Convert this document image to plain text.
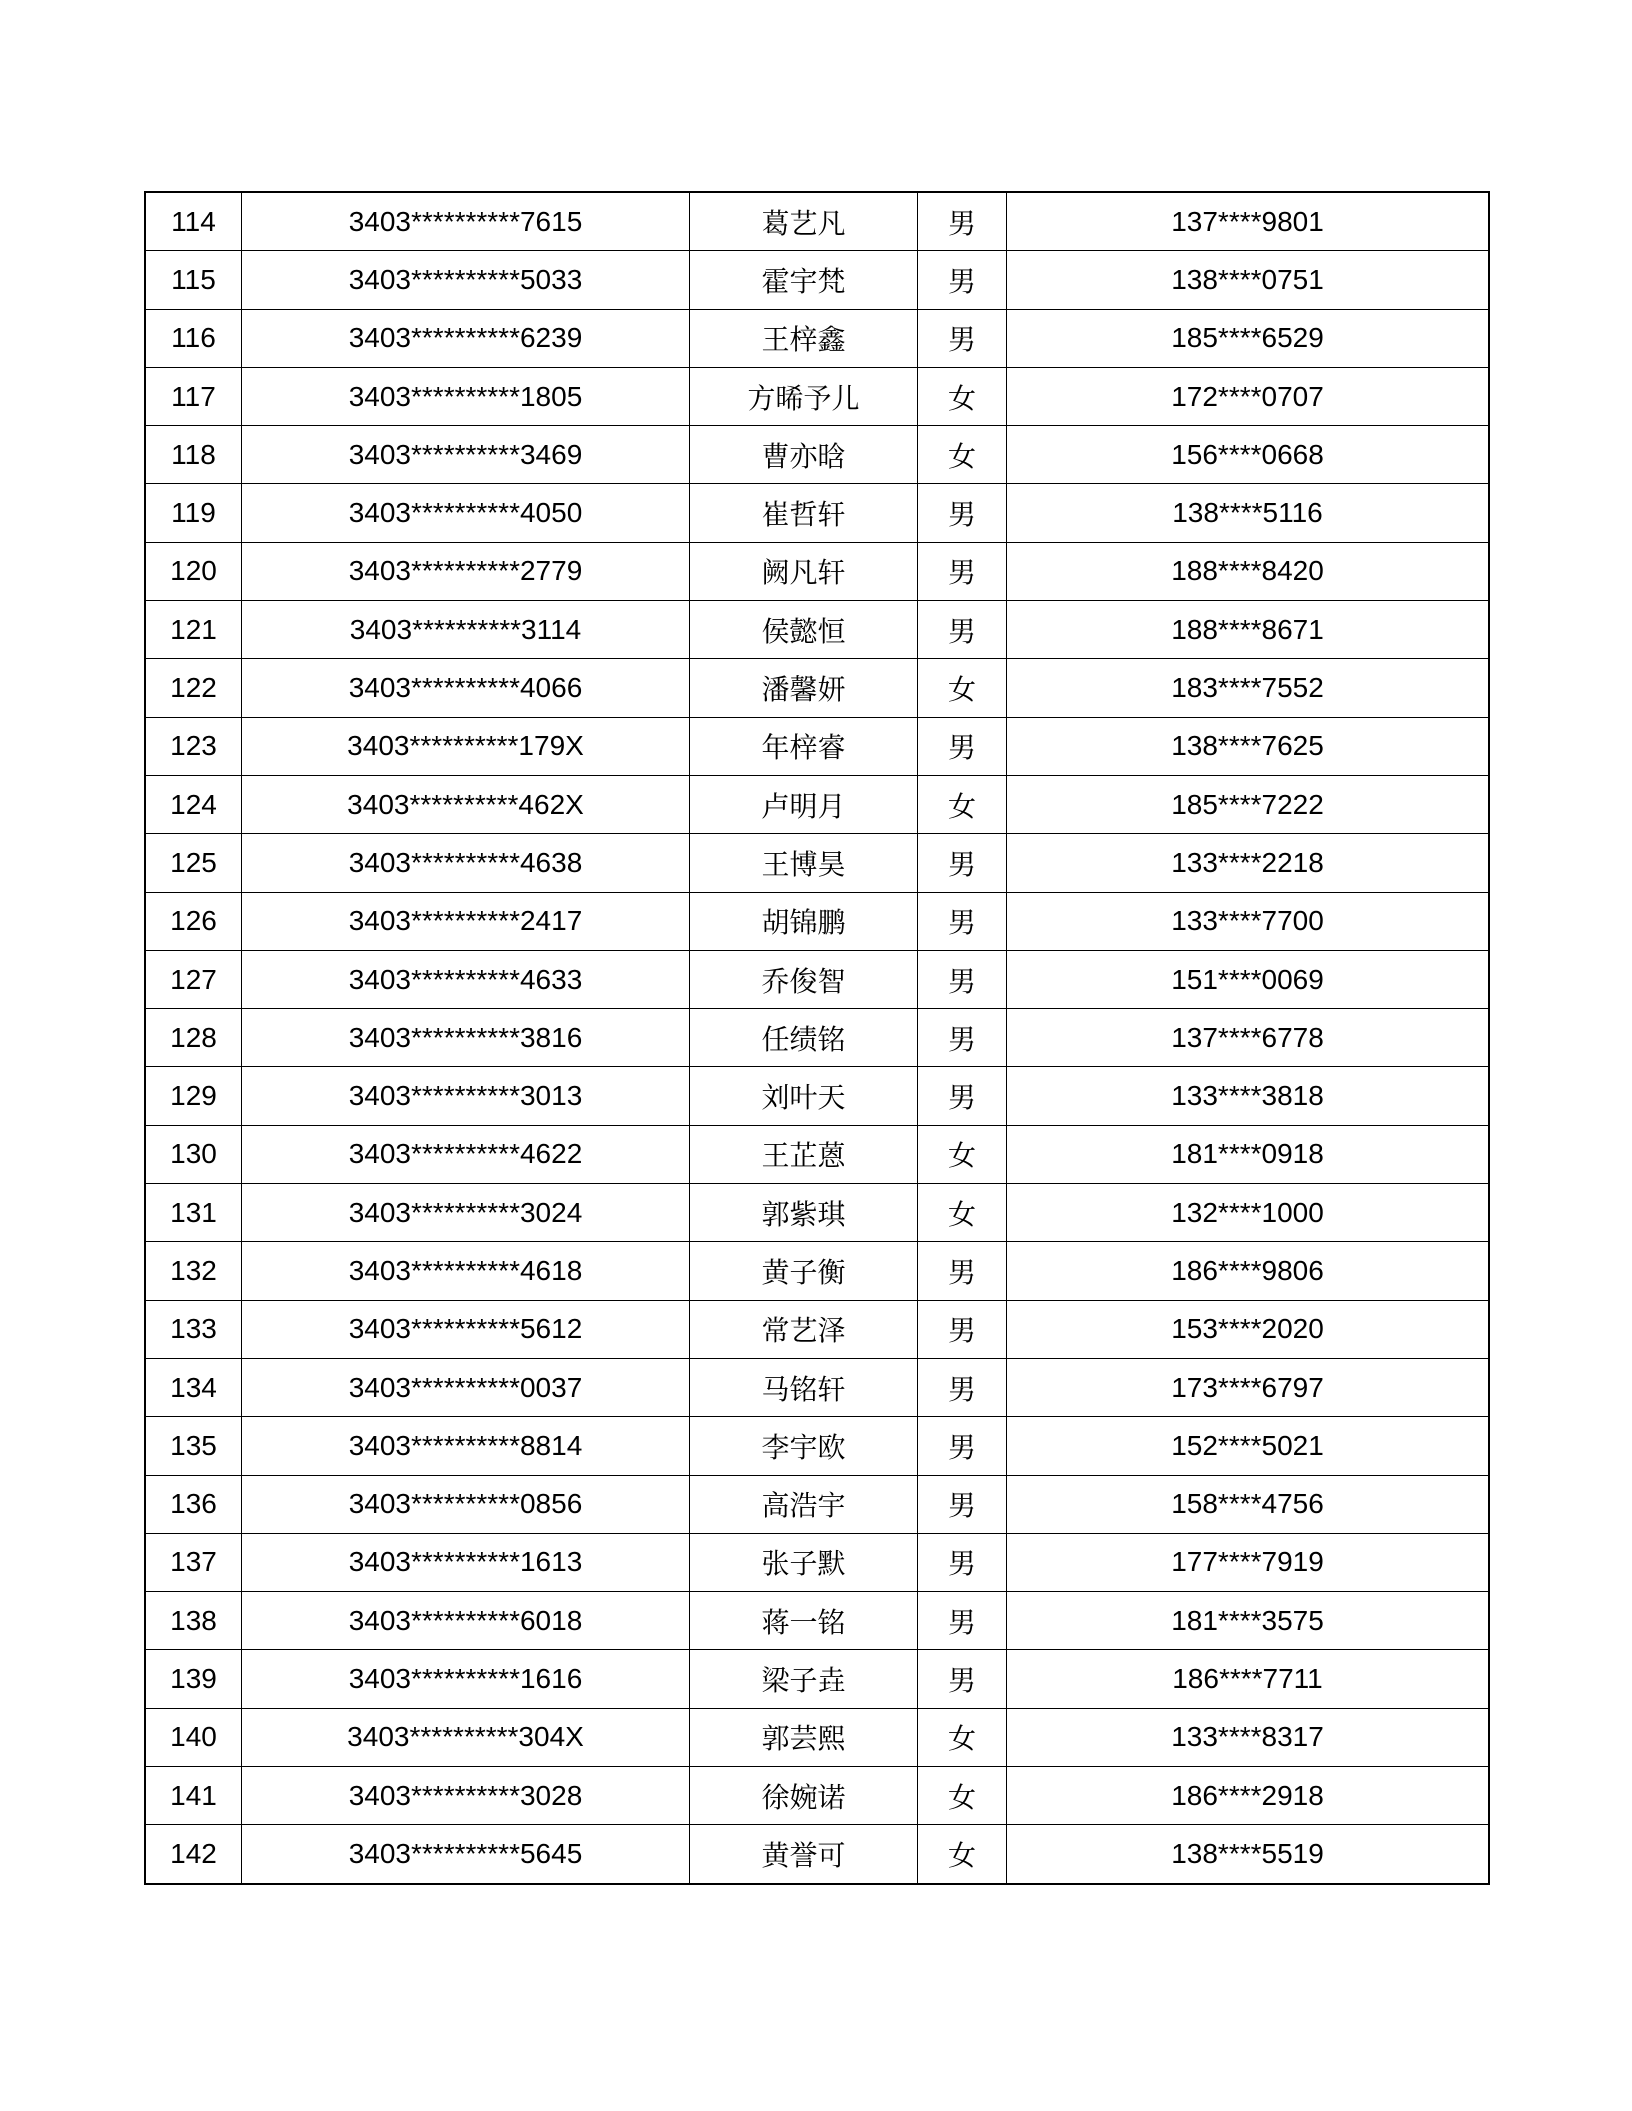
114	3403**********7615	葛艺凡	男	137****9801
115	3403**********5033	霍宇梵	男	138****0751
116	3403**********6239	王梓鑫	男	185****6529
117	3403**********1805	方晞予儿	女	172****0707
118	3403**********3469	曹亦晗	女	156****0668
119	3403**********4050	崔哲轩	男	138****5116
120	3403**********2779	阙凡轩	男	188****8420
121	3403**********3114	侯懿恒	男	188****8671
122	3403**********4066	潘馨妍	女	183****7552
123	3403**********179X	年梓睿	男	138****7625
124	3403**********462X	卢明月	女	185****7222
125	3403**********4638	王博昊	男	133****2218
126	3403**********2417	胡锦鹏	男	133****7700
127	3403**********4633	乔俊智	男	151****0069
128	3403**********3816	任绩铭	男	137****6778
129	3403**********3013	刘叶天	男	133****3818
130	3403**********4622	王芷蒽	女	181****0918
131	3403**********3024	郭紫琪	女	132****1000
132	3403**********4618	黄子衡	男	186****9806
133	3403**********5612	常艺泽	男	153****2020
134	3403**********0037	马铭轩	男	173****6797
135	3403**********8814	李宇欧	男	152****5021
136	3403**********0856	高浩宇	男	158****4756
137	3403**********1613	张子默	男	177****7919
138	3403**********6018	蒋一铭	男	181****3575
139	3403**********1616	梁子垚	男	186****7711
140	3403**********304X	郭芸熙	女	133****8317
141	3403**********3028	徐婉诺	女	186****2918
142	3403**********5645	黄誉可	女	138****5519
